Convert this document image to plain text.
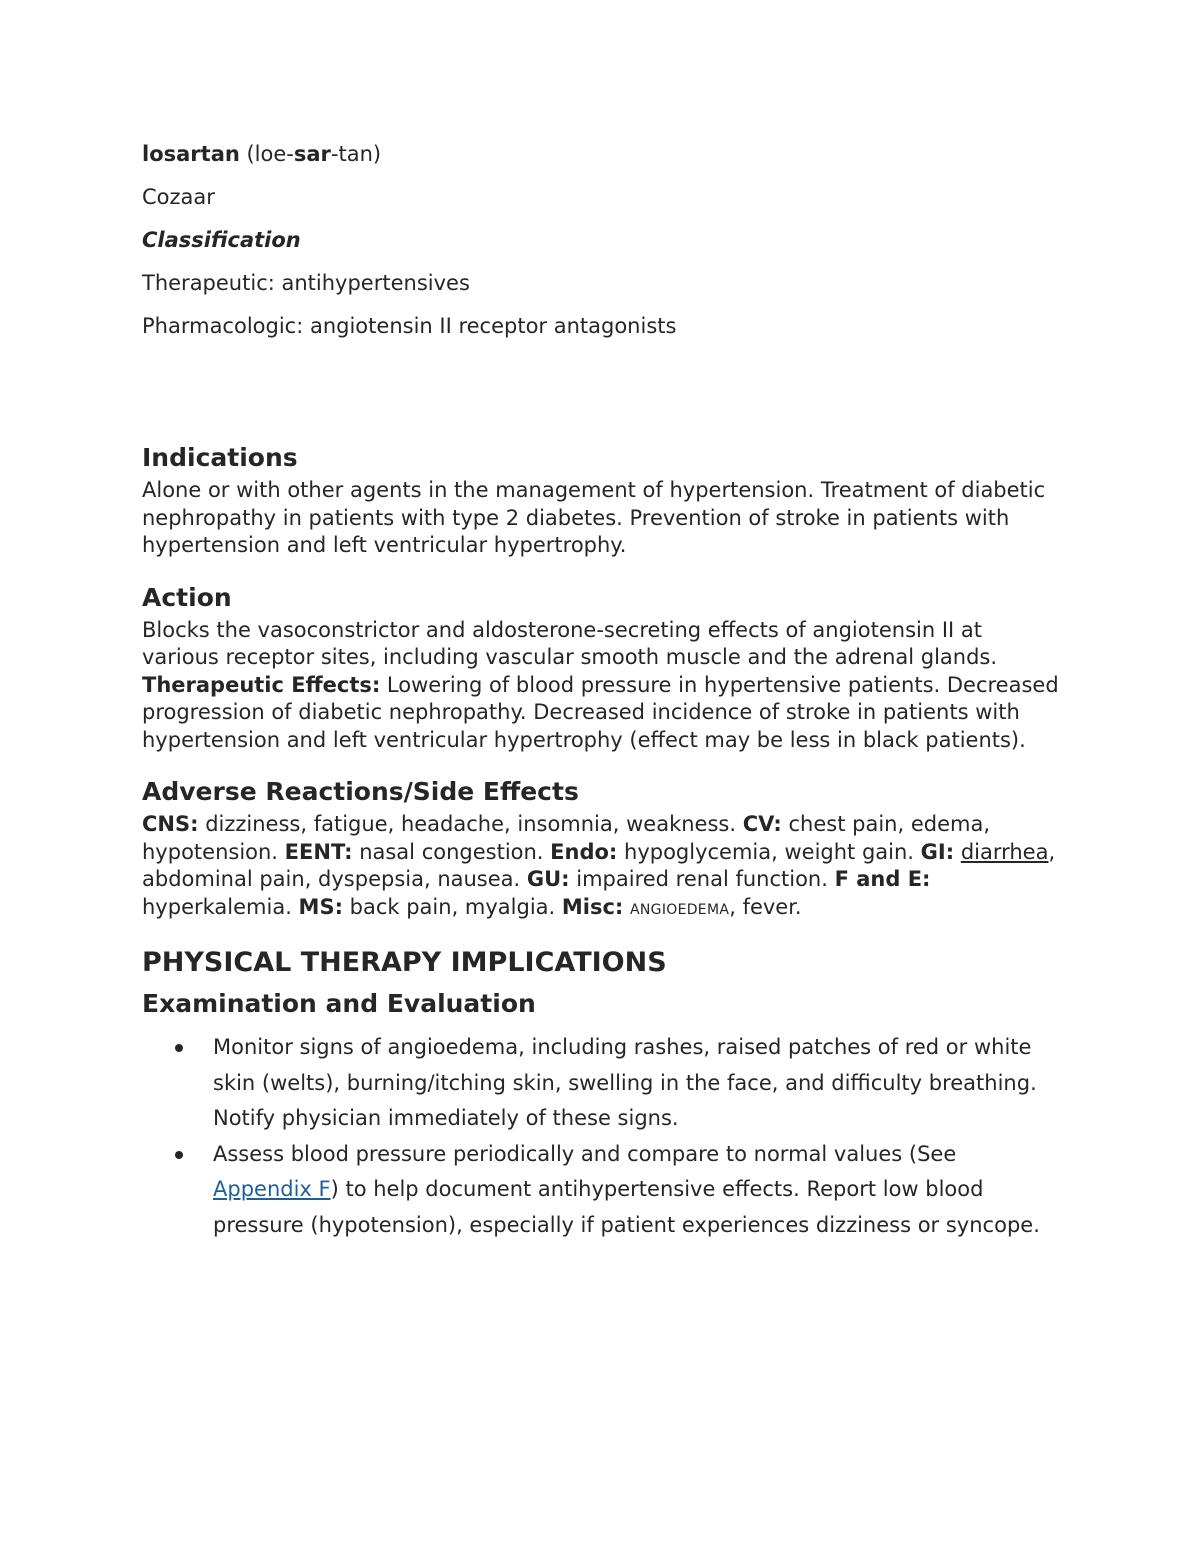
losartan (loe-sar-tan)
Cozaar
Classification
Therapeutic: antihypertensives
Pharmacologic: angiotensin II receptor antagonists
Indications

Alone or with other agents in the management of hypertension. Treatment of diabetic nephropathy in patients with type 2 diabetes. Prevention of stroke in patients with hypertension and left ventricular hypertrophy.

Action

Blocks the vasoconstrictor and aldosterone-secreting effects of angiotensin II at various receptor sites, including vascular smooth muscle and the adrenal glands. Therapeutic Effects: Lowering of blood pressure in hypertensive patients. Decreased progression of diabetic nephropathy. Decreased incidence of stroke in patients with hypertension and left ventricular hypertrophy (effect may be less in black patients).

Adverse Reactions/Side Effects

CNS: dizziness, fatigue, headache, insomnia, weakness. CV: chest pain, edema, hypotension. EENT: nasal congestion. Endo: hypoglycemia, weight gain. GI: diarrhea, abdominal pain, dyspepsia, nausea. GU: impaired renal function. F and E: hyperkalemia. MS: back pain, myalgia. Misc: ANGIOEDEMA, fever.

PHYSICAL THERAPY IMPLICATIONS
Examination and Evaluation
Monitor signs of angioedema, including rashes, raised patches of red or white skin (welts), burning/itching skin, swelling in the face, and difficulty breathing. Notify physician immediately of these signs.
Assess blood pressure periodically and compare to normal values (See Appendix F) to help document antihypertensive effects. Report low blood pressure (hypotension), especially if patient experiences dizziness or syncope.
